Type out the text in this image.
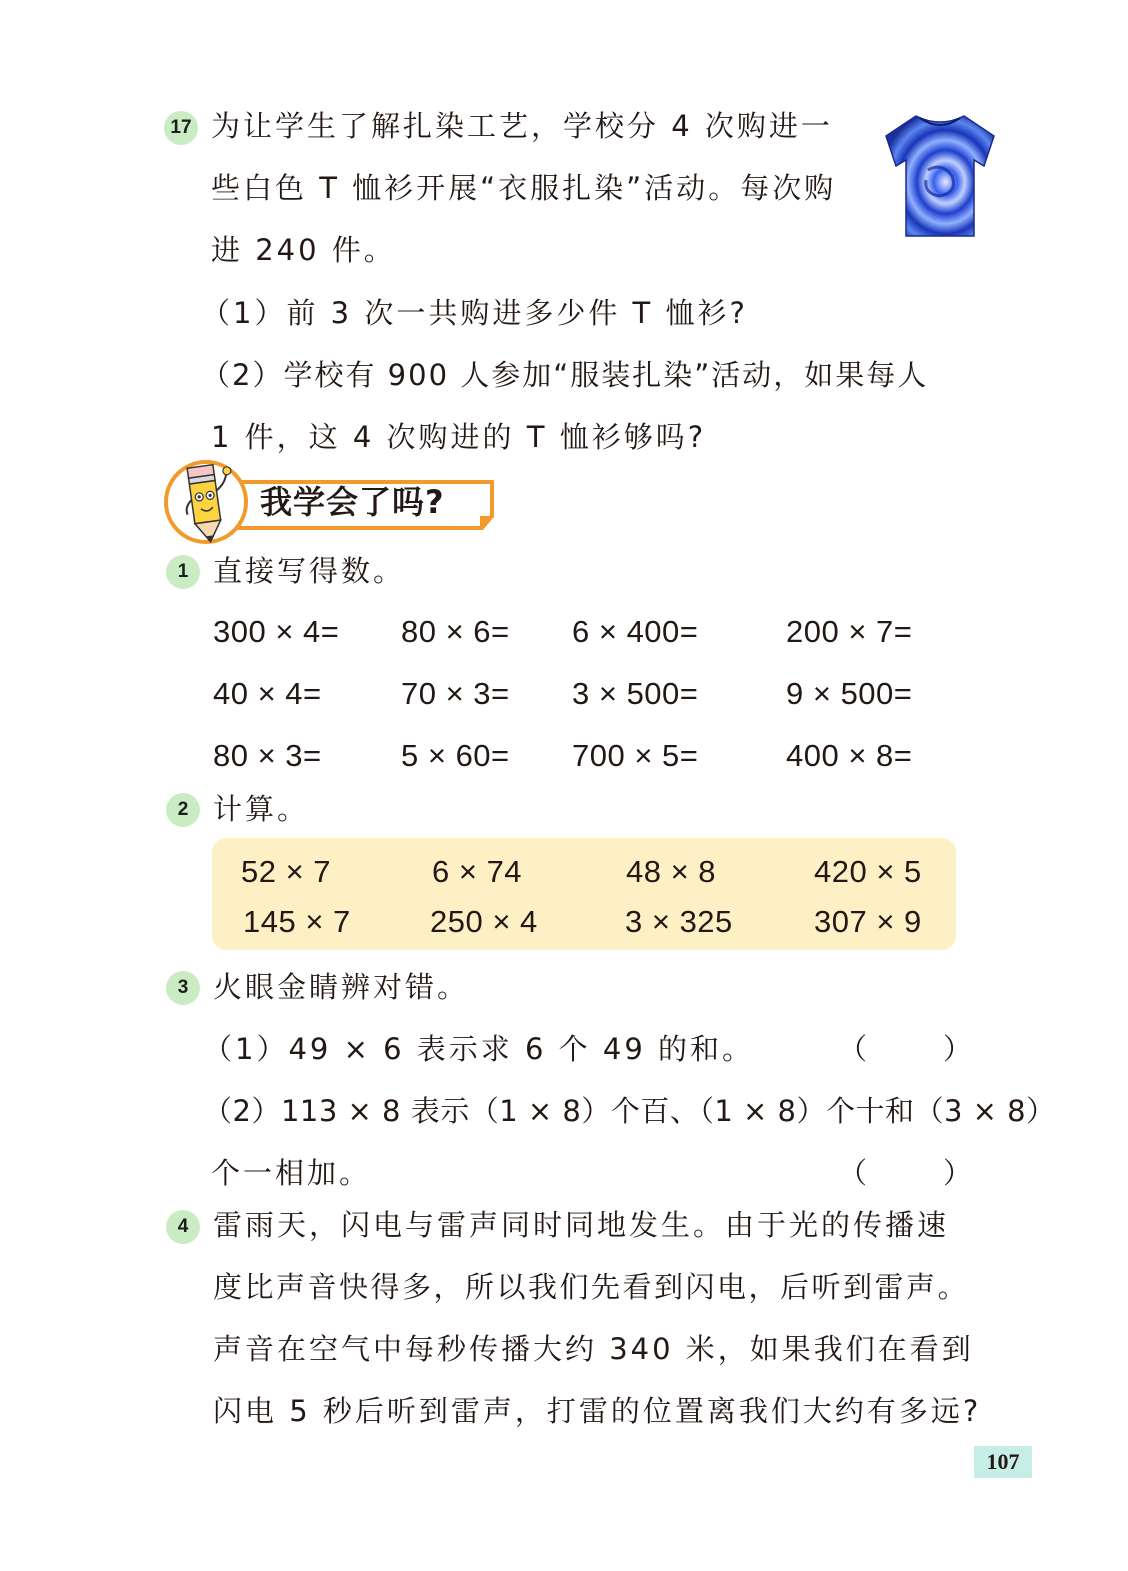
17 为让学生了解扎染工艺，学校分 4 次购进一
些白色 T 恤衫开展“衣服扎染”活动。每次购
进 240 件。
（1）前 3 次一共购进多少件 T 恤衫?
（2）学校有 900 人参加“服装扎染”活动，如果每人
1 件，这 4 次购进的 T 恤衫够吗?
我学会了吗?
1 直接写得数。
300 × 4= 80 × 6= 6 × 400=	200 × 7=
40 × 4=	70 × 3= 3 × 500=	9 × 500=
80 × 3=	5 × 60= 700 × 5=	400 × 8=
2 计算。
52 × 7	6 × 74	48 × 8	420 × 5
145 × 7	250 × 4	3 × 325	307 × 9
3 火眼金睛辨对错。
（1）49 × 6 表示求 6 个 49 的和。	（　　）
（2）113 × 8 表示（1 × 8）个百、（1 × 8）个十和（3 × 8）
个一相加。	（　　）
4 雷雨天，闪电与雷声同时同地发生。由于光的传播速
度比声音快得多，所以我们先看到闪电，后听到雷声。
声音在空气中每秒传播大约 340 米，如果我们在看到
闪电 5 秒后听到雷声，打雷的位置离我们大约有多远?
107
